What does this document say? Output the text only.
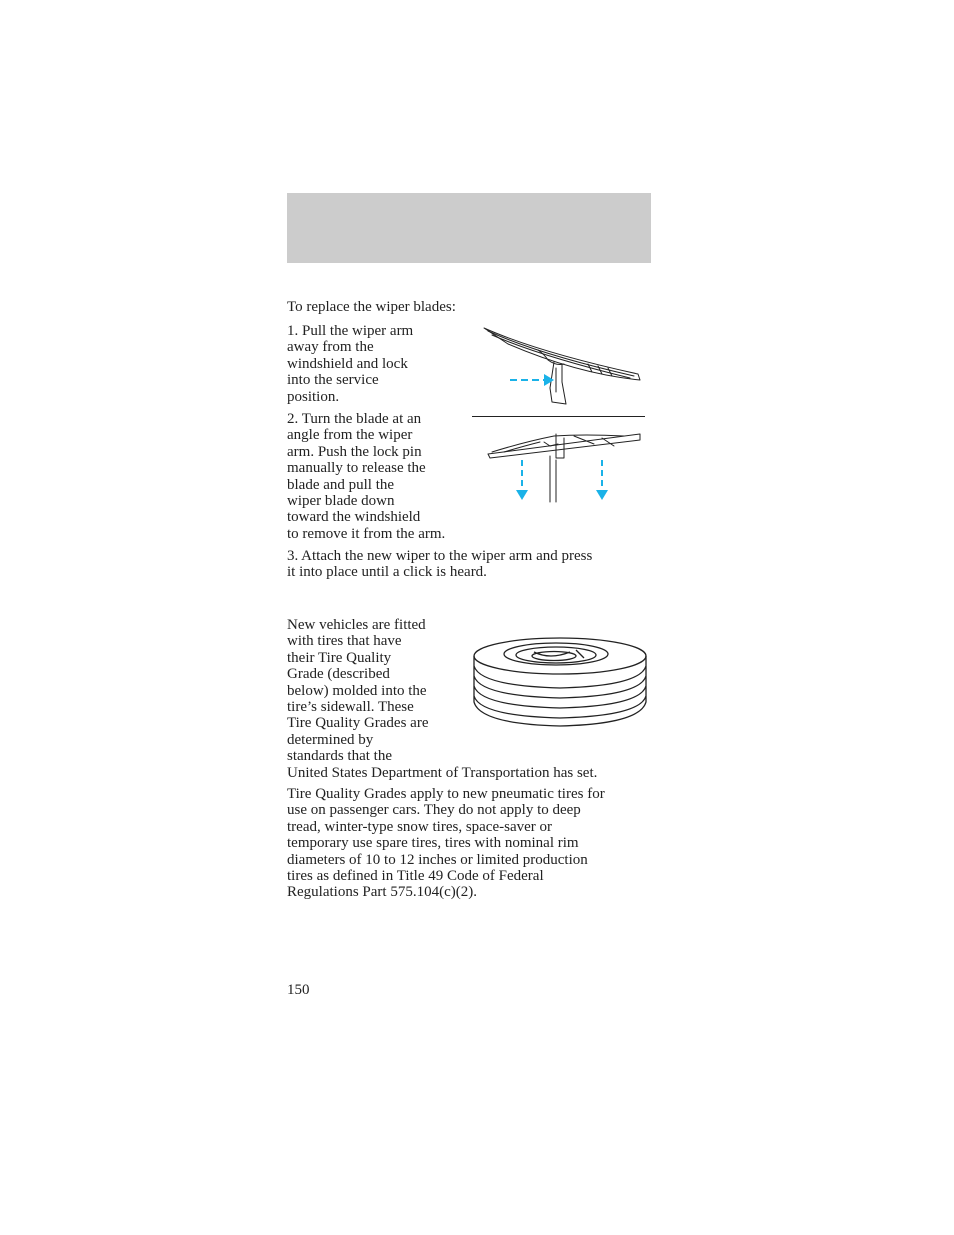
To replace the wiper blades:

1. Pull the wiper arm
away from the
windshield and lock
into the service
position.

2. Turn the blade at an
angle from the wiper
arm. Push the lock pin
manually to release the
blade and pull the
wiper blade down
toward the windshield
to remove it from the arm.

3. Attach the new wiper to the wiper arm and press
it into place until a click is heard.

New vehicles are fitted
with tires that have
their Tire Quality
Grade (described
below) molded into the
tire’s sidewall. These
Tire Quality Grades are
determined by
standards that the
United States Department of Transportation has set.

Tire Quality Grades apply to new pneumatic tires for
use on passenger cars. They do not apply to deep
tread, winter-type snow tires, space-saver or
temporary use spare tires, tires with nominal rim
diameters of 10 to 12 inches or limited production
tires as defined in Title 49 Code of Federal
Regulations Part 575.104(c)(2).

150
